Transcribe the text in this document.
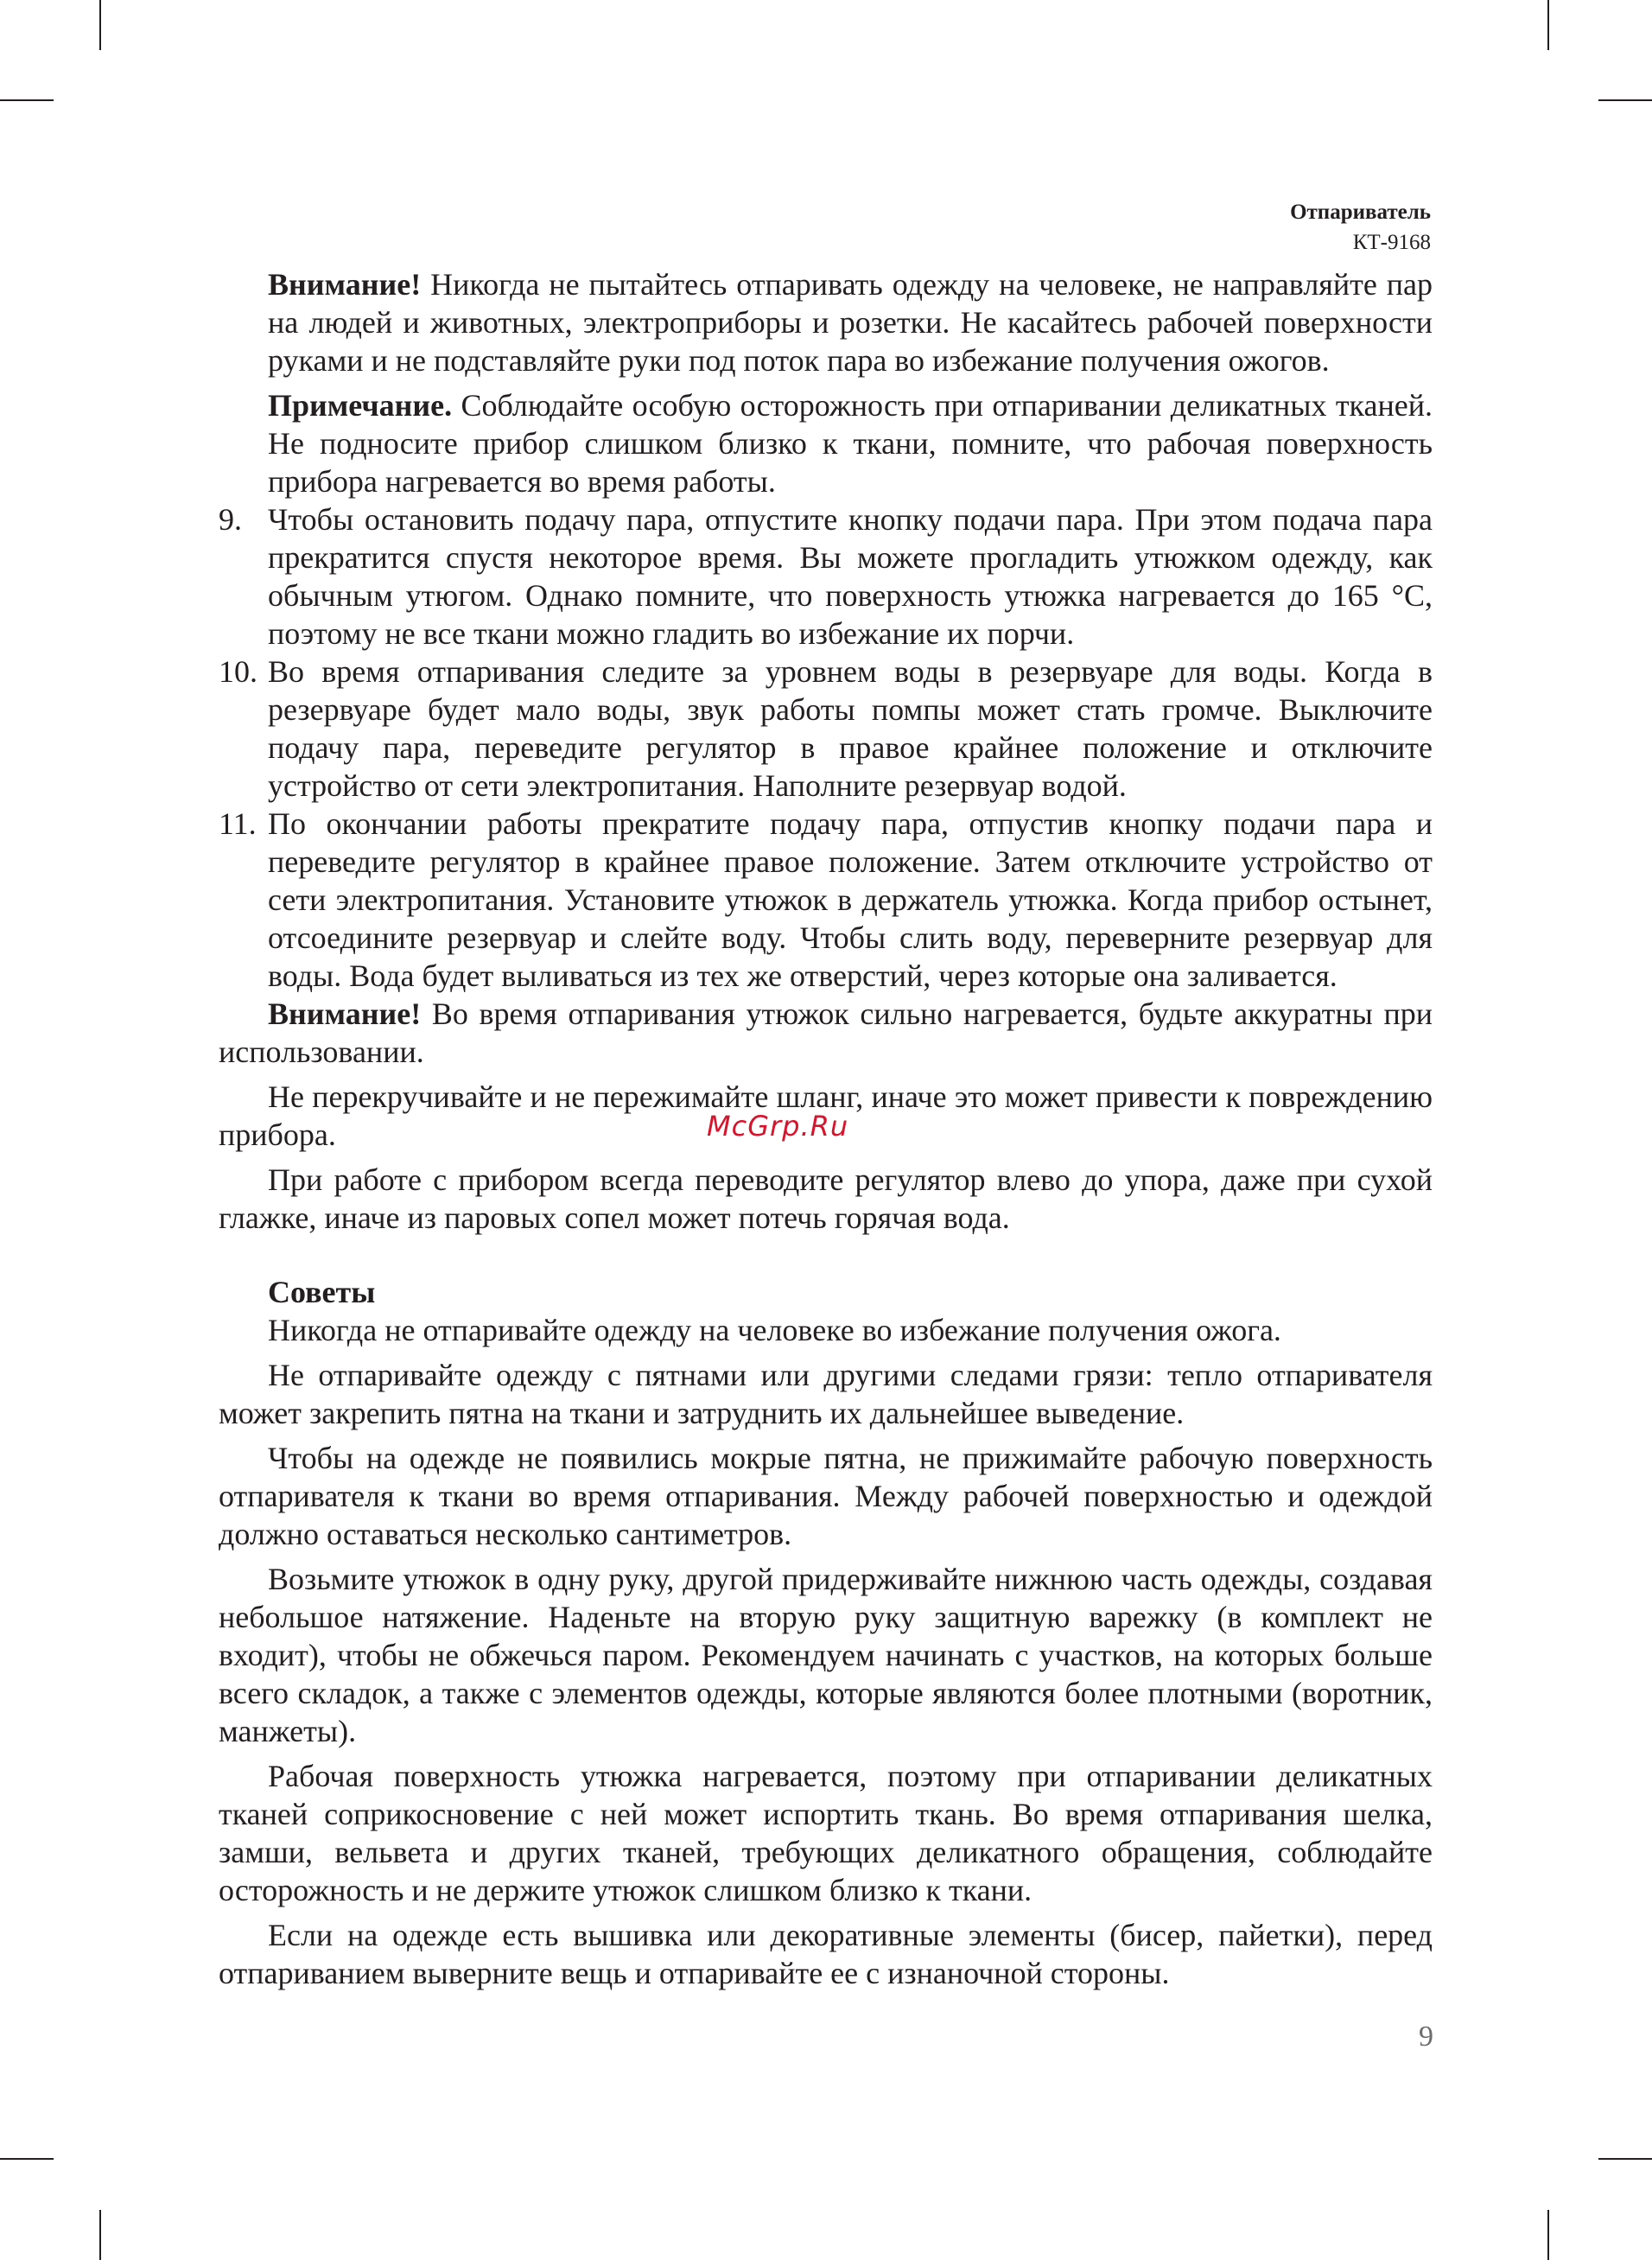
Отпариватель
КТ-9168

Внимание! Никогда не пытайтесь отпаривать одежду на человеке, не направляйте пар на людей и животных, электроприборы и розетки. Не касайтесь рабочей поверхности руками и не подставляйте руки под поток пара во избежание получения ожогов.

Примечание. Соблюдайте особую осторожность при отпаривании деликатных тканей. Не подносите прибор слишком близко к ткани, помните, что рабочая поверхность прибора нагревается во время работы.

9. Чтобы остановить подачу пара, отпустите кнопку подачи пара. При этом подача пара прекратится спустя некоторое время. Вы можете прогладить утюжком одежду, как обычным утюгом. Однако помните, что поверхность утюжка нагревается до 165 °С, поэтому не все ткани можно гладить во избежание их порчи.

10. Во время отпаривания следите за уровнем воды в резервуаре для воды. Когда в резервуаре будет мало воды, звук работы помпы может стать громче. Выключите подачу пара, переведите регулятор в правое крайнее положение и отключите устройство от сети электропитания. Наполните резервуар водой.

11. По окончании работы прекратите подачу пара, отпустив кнопку подачи пара и переведите регулятор в крайнее правое положение. Затем отключите устройство от сети электропитания. Установите утюжок в держатель утюжка. Когда прибор остынет, отсоедините резервуар и слейте воду. Чтобы слить воду, переверните резервуар для воды. Вода будет выливаться из тех же отверстий, через которые она заливается.

Внимание! Во время отпаривания утюжок сильно нагревается, будьте аккуратны при использовании.

Не перекручивайте и не пережимайте шланг, иначе это может привести к повреждению прибора.

При работе с прибором всегда переводите регулятор влево до упора, даже при сухой глажке, иначе из паровых сопел может потечь горячая вода.

Советы

Никогда не отпаривайте одежду на человеке во избежание получения ожога.

Не отпаривайте одежду с пятнами или другими следами грязи: тепло отпаривателя может закрепить пятна на ткани и затруднить их дальнейшее выведение.

Чтобы на одежде не появились мокрые пятна, не прижимайте рабочую поверхность отпаривателя к ткани во время отпаривания. Между рабочей поверхностью и одеждой должно оставаться несколько сантиметров.

Возьмите утюжок в одну руку, другой придерживайте нижнюю часть одежды, создавая небольшое натяжение. Наденьте на вторую руку защитную варежку (в комплект не входит), чтобы не обжечься паром. Рекомендуем начинать с участков, на которых больше всего складок, а также с элементов одежды, которые являются более плотными (воротник, манжеты).

Рабочая поверхность утюжка нагревается, поэтому при отпаривании деликатных тканей соприкосновение с ней может испортить ткань. Во время отпаривания шелка, замши, вельвета и других тканей, требующих деликатного обращения, соблюдайте осторожность и не держите утюжок слишком близко к ткани.

Если на одежде есть вышивка или декоративные элементы (бисер, пайетки), перед отпариванием выверните вещь и отпаривайте ее с изнаночной стороны.

McGrp.Ru
9
